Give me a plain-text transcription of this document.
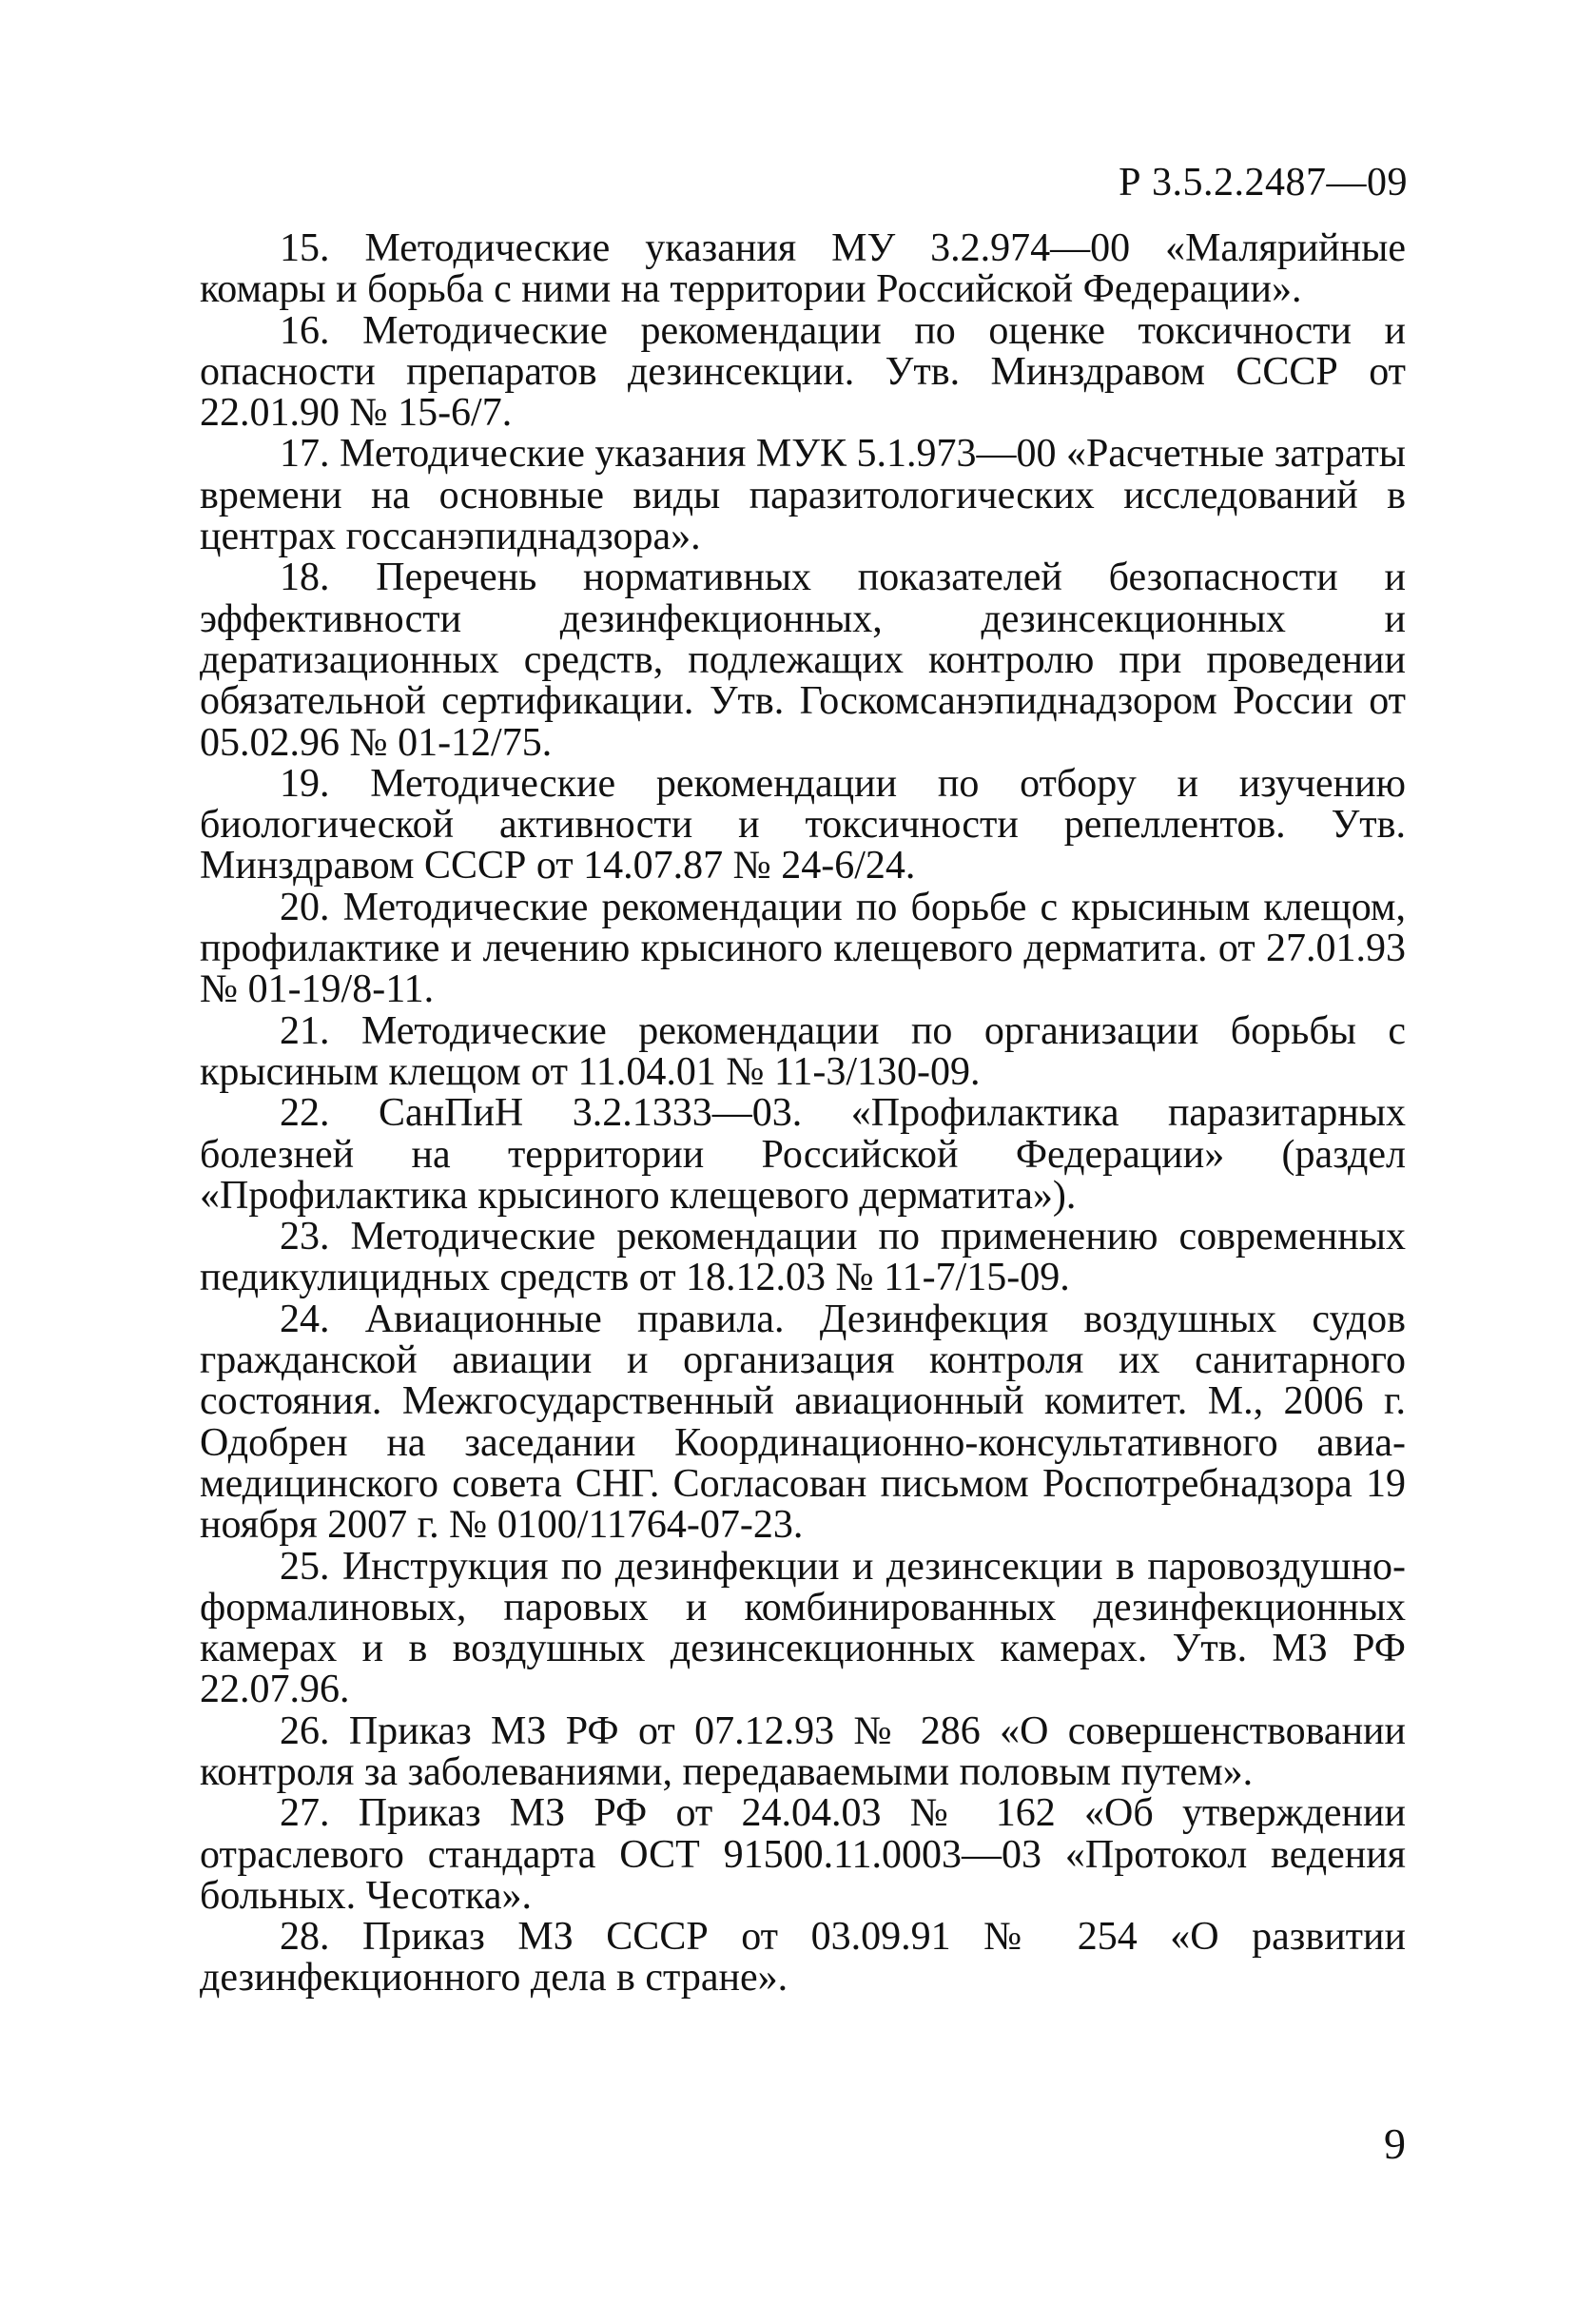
Р 3.5.2.2487—09

15. Методические указания МУ 3.2.974—00 «Малярийные комары и борьба с ними на территории Российской Федерации».

16. Методические рекомендации по оценке токсичности и опасности препаратов дезинсекции. Утв. Минздравом СССР от 22.01.90 № 15-6/7.

17. Методические указания МУК 5.1.973—00 «Расчетные затраты времени на основные виды паразитологических исследований в центрах госсанэпиднадзора».

18. Перечень нормативных показателей безопасности и эффективности дезинфекционных, дезинсекционных и дератизационных средств, подлежащих контролю при проведении обязательной сертификации. Утв. Госкомсанэпиднадзором России от 05.02.96 № 01-12/75.

19. Методические рекомендации по отбору и изучению биологической активности и токсичности репеллентов. Утв. Минздравом СССР от 14.07.87 № 24-6/24.

20. Методические рекомендации по борьбе с крысиным клещом, профилактике и лечению крысиного клещевого дерматита. от 27.01.93 № 01-19/8-11.

21. Методические рекомендации по организации борьбы с крысиным клещом от 11.04.01 № 11-3/130-09.

22. СанПиН 3.2.1333—03. «Профилактика паразитарных болезней на территории Российской Федерации» (раздел «Профилактика крысиного клещевого дерматита»).

23. Методические рекомендации по применению современных педикулицидных средств от 18.12.03 № 11-7/15-09.

24. Авиационные правила. Дезинфекция воздушных судов гражданской авиации и организация контроля их санитарного состояния. Межгосударственный авиационный комитет. М., 2006 г. Одобрен на заседании Координационно-консультативного авиа-медицинского совета СНГ. Согласован письмом Роспотребнадзора 19 ноября 2007 г. № 0100/11764-07-23.

25. Инструкция по дезинфекции и дезинсекции в паровоздушно-формалиновых, паровых и комбинированных дезинфекционных камерах и в воздушных дезинсекционных камерах. Утв. МЗ РФ 22.07.96.

26. Приказ МЗ РФ от 07.12.93 № 286 «О совершенствовании контроля за заболеваниями, передаваемыми половым путем».

27. Приказ МЗ РФ от 24.04.03 № 162 «Об утверждении отраслевого стандарта ОСТ 91500.11.0003—03 «Протокол ведения больных. Чесотка».

28. Приказ МЗ СССР от 03.09.91 № 254 «О развитии дезинфекционного дела в стране».

9
